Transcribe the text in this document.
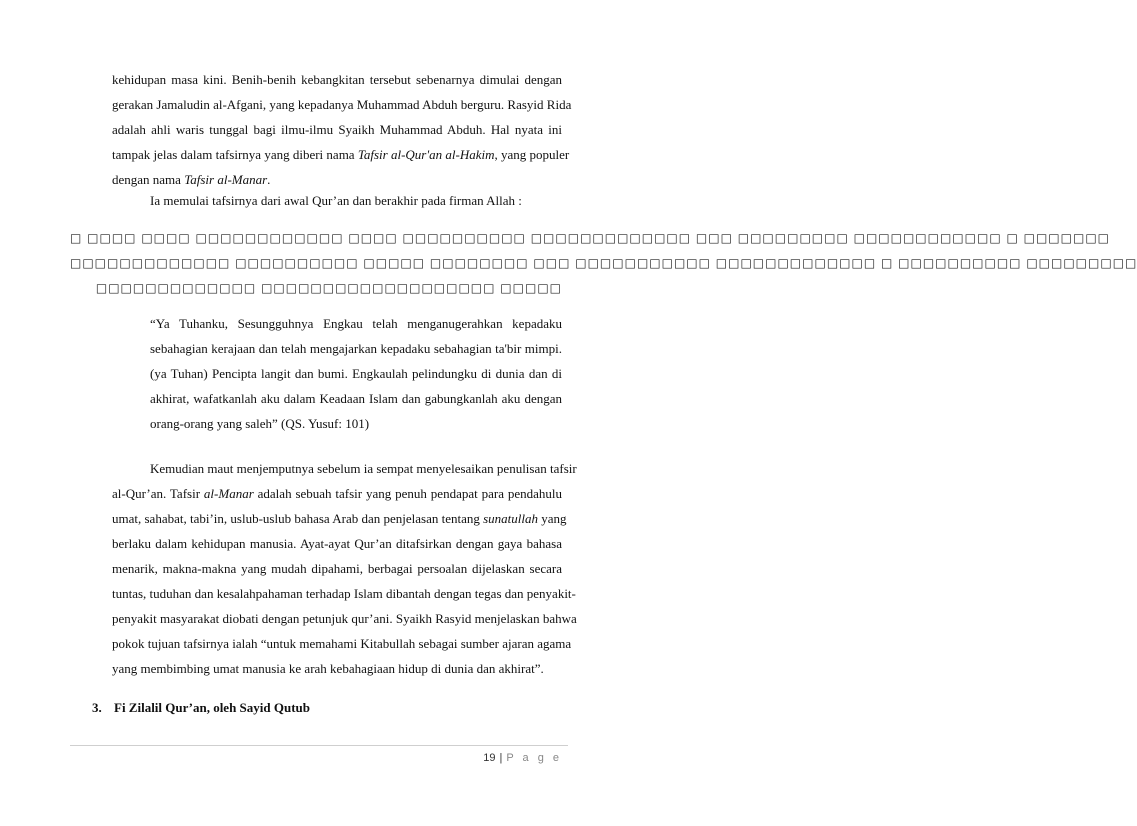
kehidupan masa kini. Benih-benih kebangkitan tersebut sebenarnya dimulai dengan
gerakan Jamaludin al-Afgani, yang kepadanya Muhammad Abduh berguru. Rasyid Rida
adalah ahli waris tunggal bagi ilmu-ilmu Syaikh Muhammad Abduh. Hal nyata ini
tampak jelas dalam tafsirnya yang diberi nama Tafsir al-Qur'an al-Hakim, yang populer
dengan nama Tafsir al-Manar.
Ia memulai tafsirnya dari awal Qur’an dan berakhir pada firman Allah :
□ □□□□ □□□□ □□□□□□□□□□□□ □□□□ □□□□□□□□□□ □□□□□□□□□□□□□ □□□ □□□□□□□□□ □□□□□□□□□□□□ □ □□□□□□□
□□□□□□□□□□□□□ □□□□□□□□□□ □□□□□ □□□□□□□□ □□□ □□□□□□□□□□□ □□□□□□□□□□□□□ □ □□□□□□□□□□ □□□□□□□□□
□□□□□□□□□□□□□ □□□□□□□□□□□□□□□□□□□ □□□□□
“Ya Tuhanku, Sesungguhnya Engkau telah menganugerahkan kepadaku
sebahagian kerajaan dan telah mengajarkan kepadaku sebahagian ta'bir mimpi.
(ya Tuhan) Pencipta langit dan bumi. Engkaulah pelindungku di dunia dan di
akhirat, wafatkanlah aku dalam Keadaan Islam dan gabungkanlah aku dengan
orang-orang yang saleh” (QS. Yusuf: 101)
Kemudian maut menjemputnya sebelum ia sempat menyelesaikan penulisan tafsir
al-Qur’an. Tafsir al-Manar adalah sebuah tafsir yang penuh pendapat para pendahulu
umat, sahabat, tabi’in, uslub-uslub bahasa Arab dan penjelasan tentang sunatullah yang
berlaku dalam kehidupan manusia. Ayat-ayat Qur’an ditafsirkan dengan gaya bahasa
menarik, makna-makna yang mudah dipahami, berbagai persoalan dijelaskan secara
tuntas, tuduhan dan kesalahpahaman terhadap Islam dibantah dengan tegas dan penyakit-
penyakit masyarakat diobati dengan petunjuk qur’ani. Syaikh Rasyid menjelaskan bahwa
pokok tujuan tafsirnya ialah “untuk memahami Kitabullah sebagai sumber ajaran agama
yang membimbing umat manusia ke arah kebahagiaan hidup di dunia dan akhirat”.
3. Fi Zilalil Qur’an, oleh Sayid Qutub
19 | P a g e
